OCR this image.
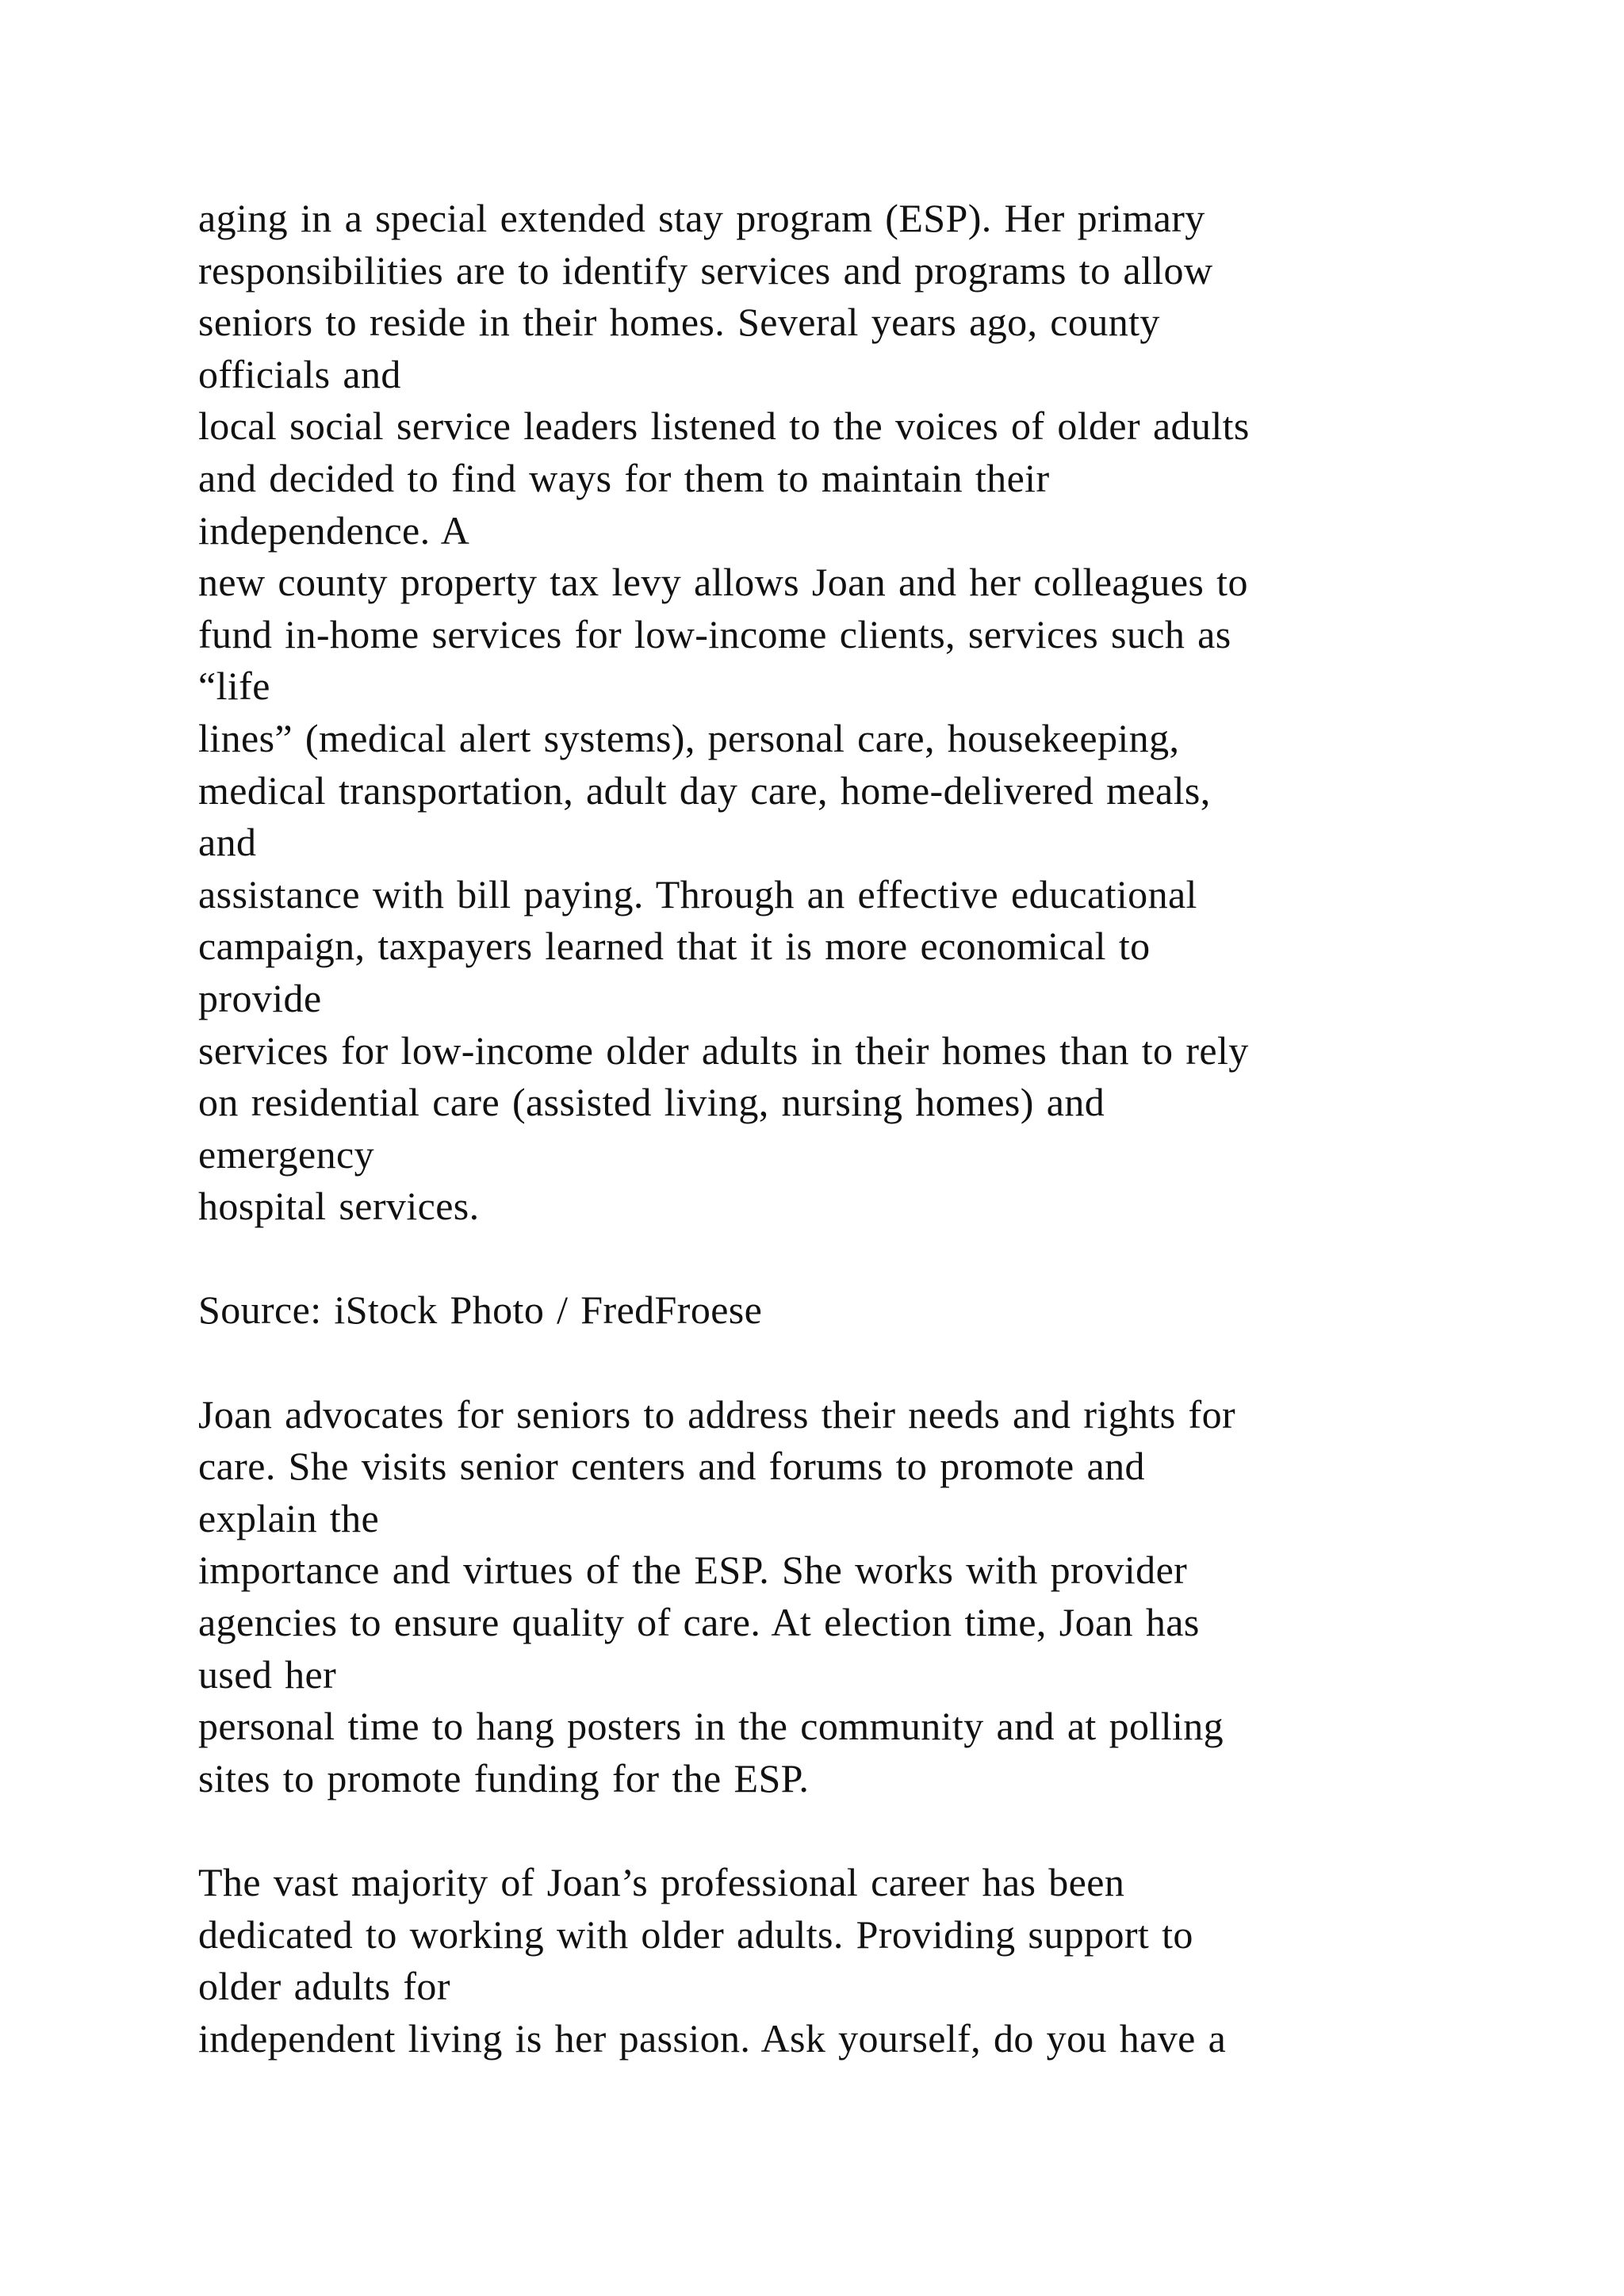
aging in a special extended stay program (ESP). Her primary
responsibilities are to identify services and programs to allow
seniors to reside in their homes. Several years ago, county
officials and
local social service leaders listened to the voices of older adults
and decided to find ways for them to maintain their
independence. A
new county property tax levy allows Joan and her colleagues to
fund in-home services for low-income clients, services such as
“life
lines” (medical alert systems), personal care, housekeeping,
medical transportation, adult day care, home-delivered meals,
and
assistance with bill paying. Through an effective educational
campaign, taxpayers learned that it is more economical to
provide
services for low-income older adults in their homes than to rely
on residential care (assisted living, nursing homes) and
emergency
hospital services.
Source: iStock Photo / FredFroese
Joan advocates for seniors to address their needs and rights for
care. She visits senior centers and forums to promote and
explain the
importance and virtues of the ESP. She works with provider
agencies to ensure quality of care. At election time, Joan has
used her
personal time to hang posters in the community and at polling
sites to promote funding for the ESP.
The vast majority of Joan’s professional career has been
dedicated to working with older adults. Providing support to
older adults for
independent living is her passion. Ask yourself, do you have a
